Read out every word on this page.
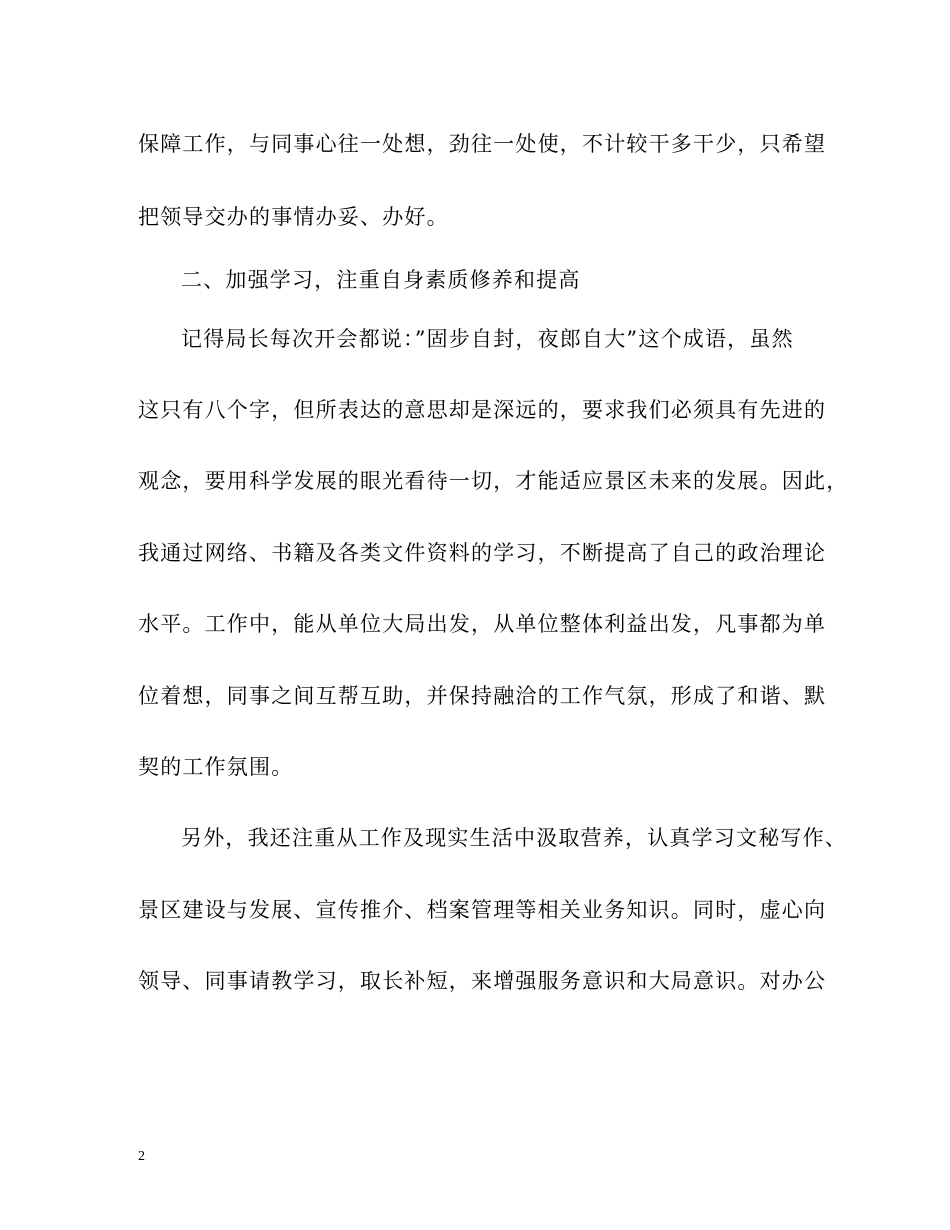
保障工作，与同事心往一处想，劲往一处使，不计较干多干少，只希望
把领导交办的事情办妥、办好。
二、加强学习，注重自身素质修养和提高
记得局长每次开会都说：”固步自封，夜郎自大”这个成语，虽然
这只有八个字，但所表达的意思却是深远的，要求我们必须具有先进的
观念，要用科学发展的眼光看待一切，才能适应景区未来的发展。因此，
我通过网络、书籍及各类文件资料的学习，不断提高了自己的政治理论
水平。工作中，能从单位大局出发，从单位整体利益出发，凡事都为单
位着想，同事之间互帮互助，并保持融洽的工作气氛，形成了和谐、默
契的工作氛围。
另外，我还注重从工作及现实生活中汲取营养，认真学习文秘写作、
景区建设与发展、宣传推介、档案管理等相关业务知识。同时，虚心向
领导、同事请教学习，取长补短，来增强服务意识和大局意识。对办公
2
